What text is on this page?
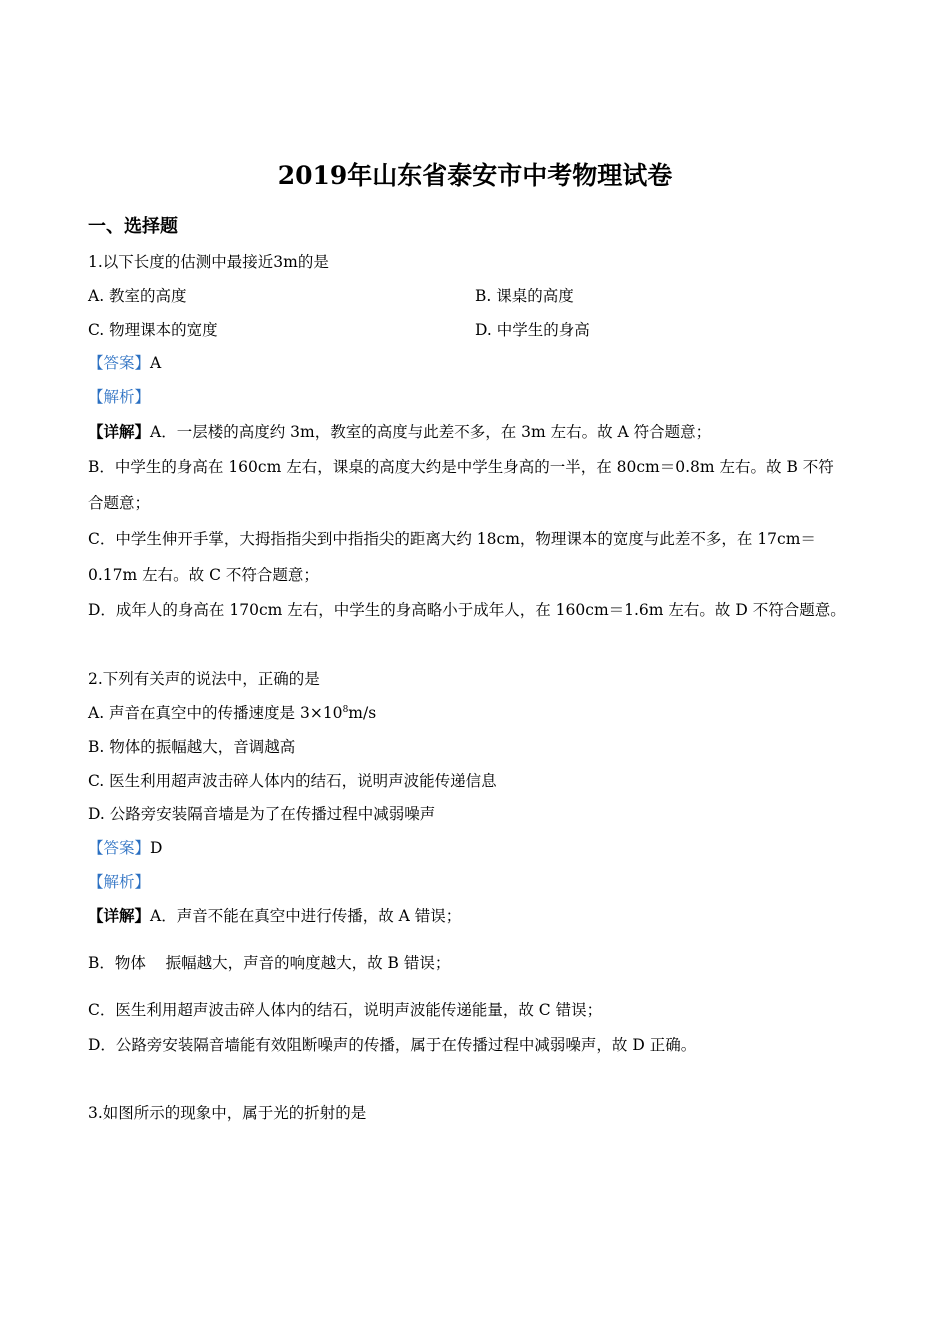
2019年山东省泰安市中考物理试卷
一、选择题
1.以下长度的估测中最接近3m的是
A. 教室的高度	B. 课桌的高度
C. 物理课本的宽度	D. 中学生的身高
【答案】A
【解析】
【详解】A．一层楼的高度约 3m，教室的高度与此差不多，在 3m 左右。故 A 符合题意；
B．中学生的身高在 160cm 左右，课桌的高度大约是中学生身高的一半，在 80cm＝0.8m 左右。故 B 不符
合题意；
C．中学生伸开手掌，大拇指指尖到中指指尖的距离大约 18cm，物理课本的宽度与此差不多，在 17cm＝
0.17m 左右。故 C 不符合题意；
D．成年人的身高在 170cm 左右，中学生的身高略小于成年人，在 160cm＝1.6m 左右。故 D 不符合题意。
2.下列有关声的说法中，正确的是
A. 声音在真空中的传播速度是 $3\times 10^8m/s$
B. 物体的振幅越大，音调越高
C. 医生利用超声波击碎人体内的结石，说明声波能传递信息
D. 公路旁安装隔音墙是为了在传播过程中减弱噪声
【答案】D
【解析】
【详解】A．声音不能在真空中进行传播，故 A 错误；
B．物体    振幅越大，声音的响度越大，故 B 错误；
C．医生利用超声波击碎人体内的结石，说明声波能传递能量，故 C 错误；
D．公路旁安装隔音墙能有效阻断噪声的传播，属于在传播过程中减弱噪声，故 D 正确。
3.如图所示的现象中，属于光的折射的是
